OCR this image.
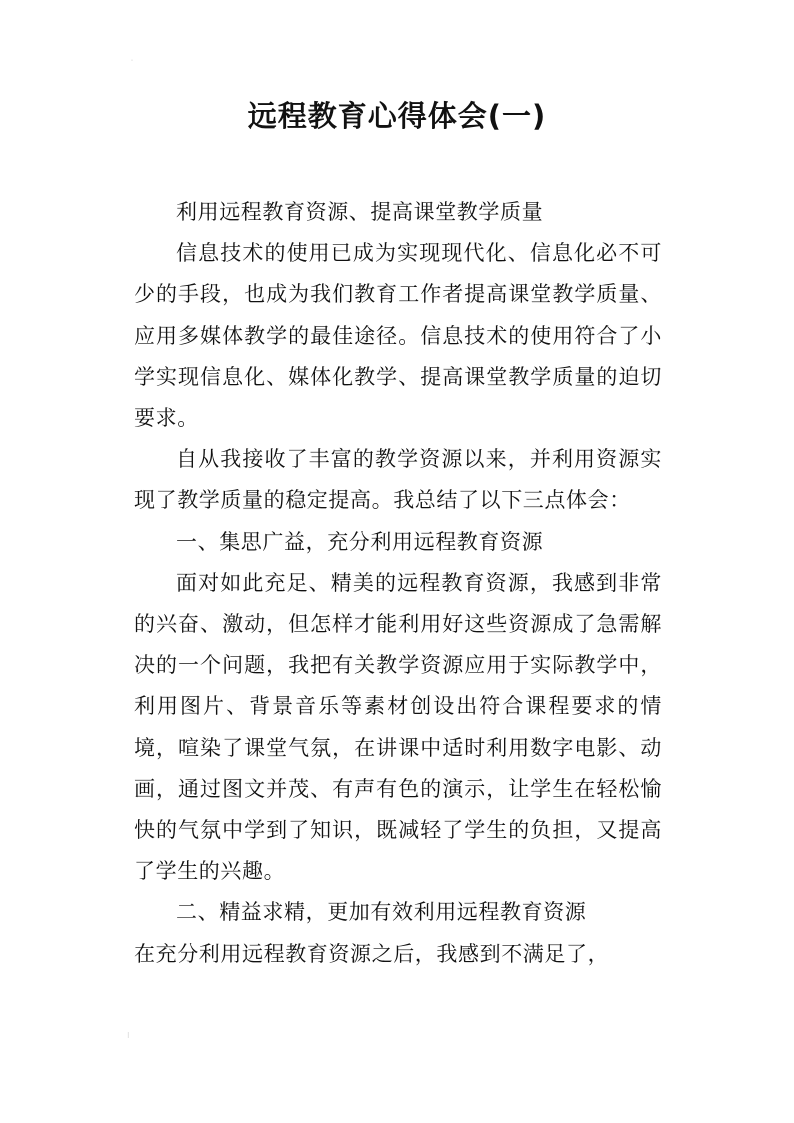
˙
远程教育心得体会(一)

利用远程教育资源、提高课堂教学质量

信息技术的使用已成为实现现代化、信息化必不可少的手段，也成为我们教育工作者提高课堂教学质量、应用多媒体教学的最佳途径。信息技术的使用符合了小学实现信息化、媒体化教学、提高课堂教学质量的迫切要求。

自从我接收了丰富的教学资源以来，并利用资源实现了教学质量的稳定提高。我总结了以下三点体会：

一、集思广益，充分利用远程教育资源

面对如此充足、精美的远程教育资源，我感到非常的兴奋、激动，但怎样才能利用好这些资源成了急需解决的一个问题，我把有关教学资源应用于实际教学中，利用图片、背景音乐等素材创设出符合课程要求的情境，喧染了课堂气氛，在讲课中适时利用数字电影、动画，通过图文并茂、有声有色的演示，让学生在轻松愉快的气氛中学到了知识，既减轻了学生的负担，又提高了学生的兴趣。

二、精益求精，更加有效利用远程教育资源

在充分利用远程教育资源之后，我感到不满足了，

⁝
